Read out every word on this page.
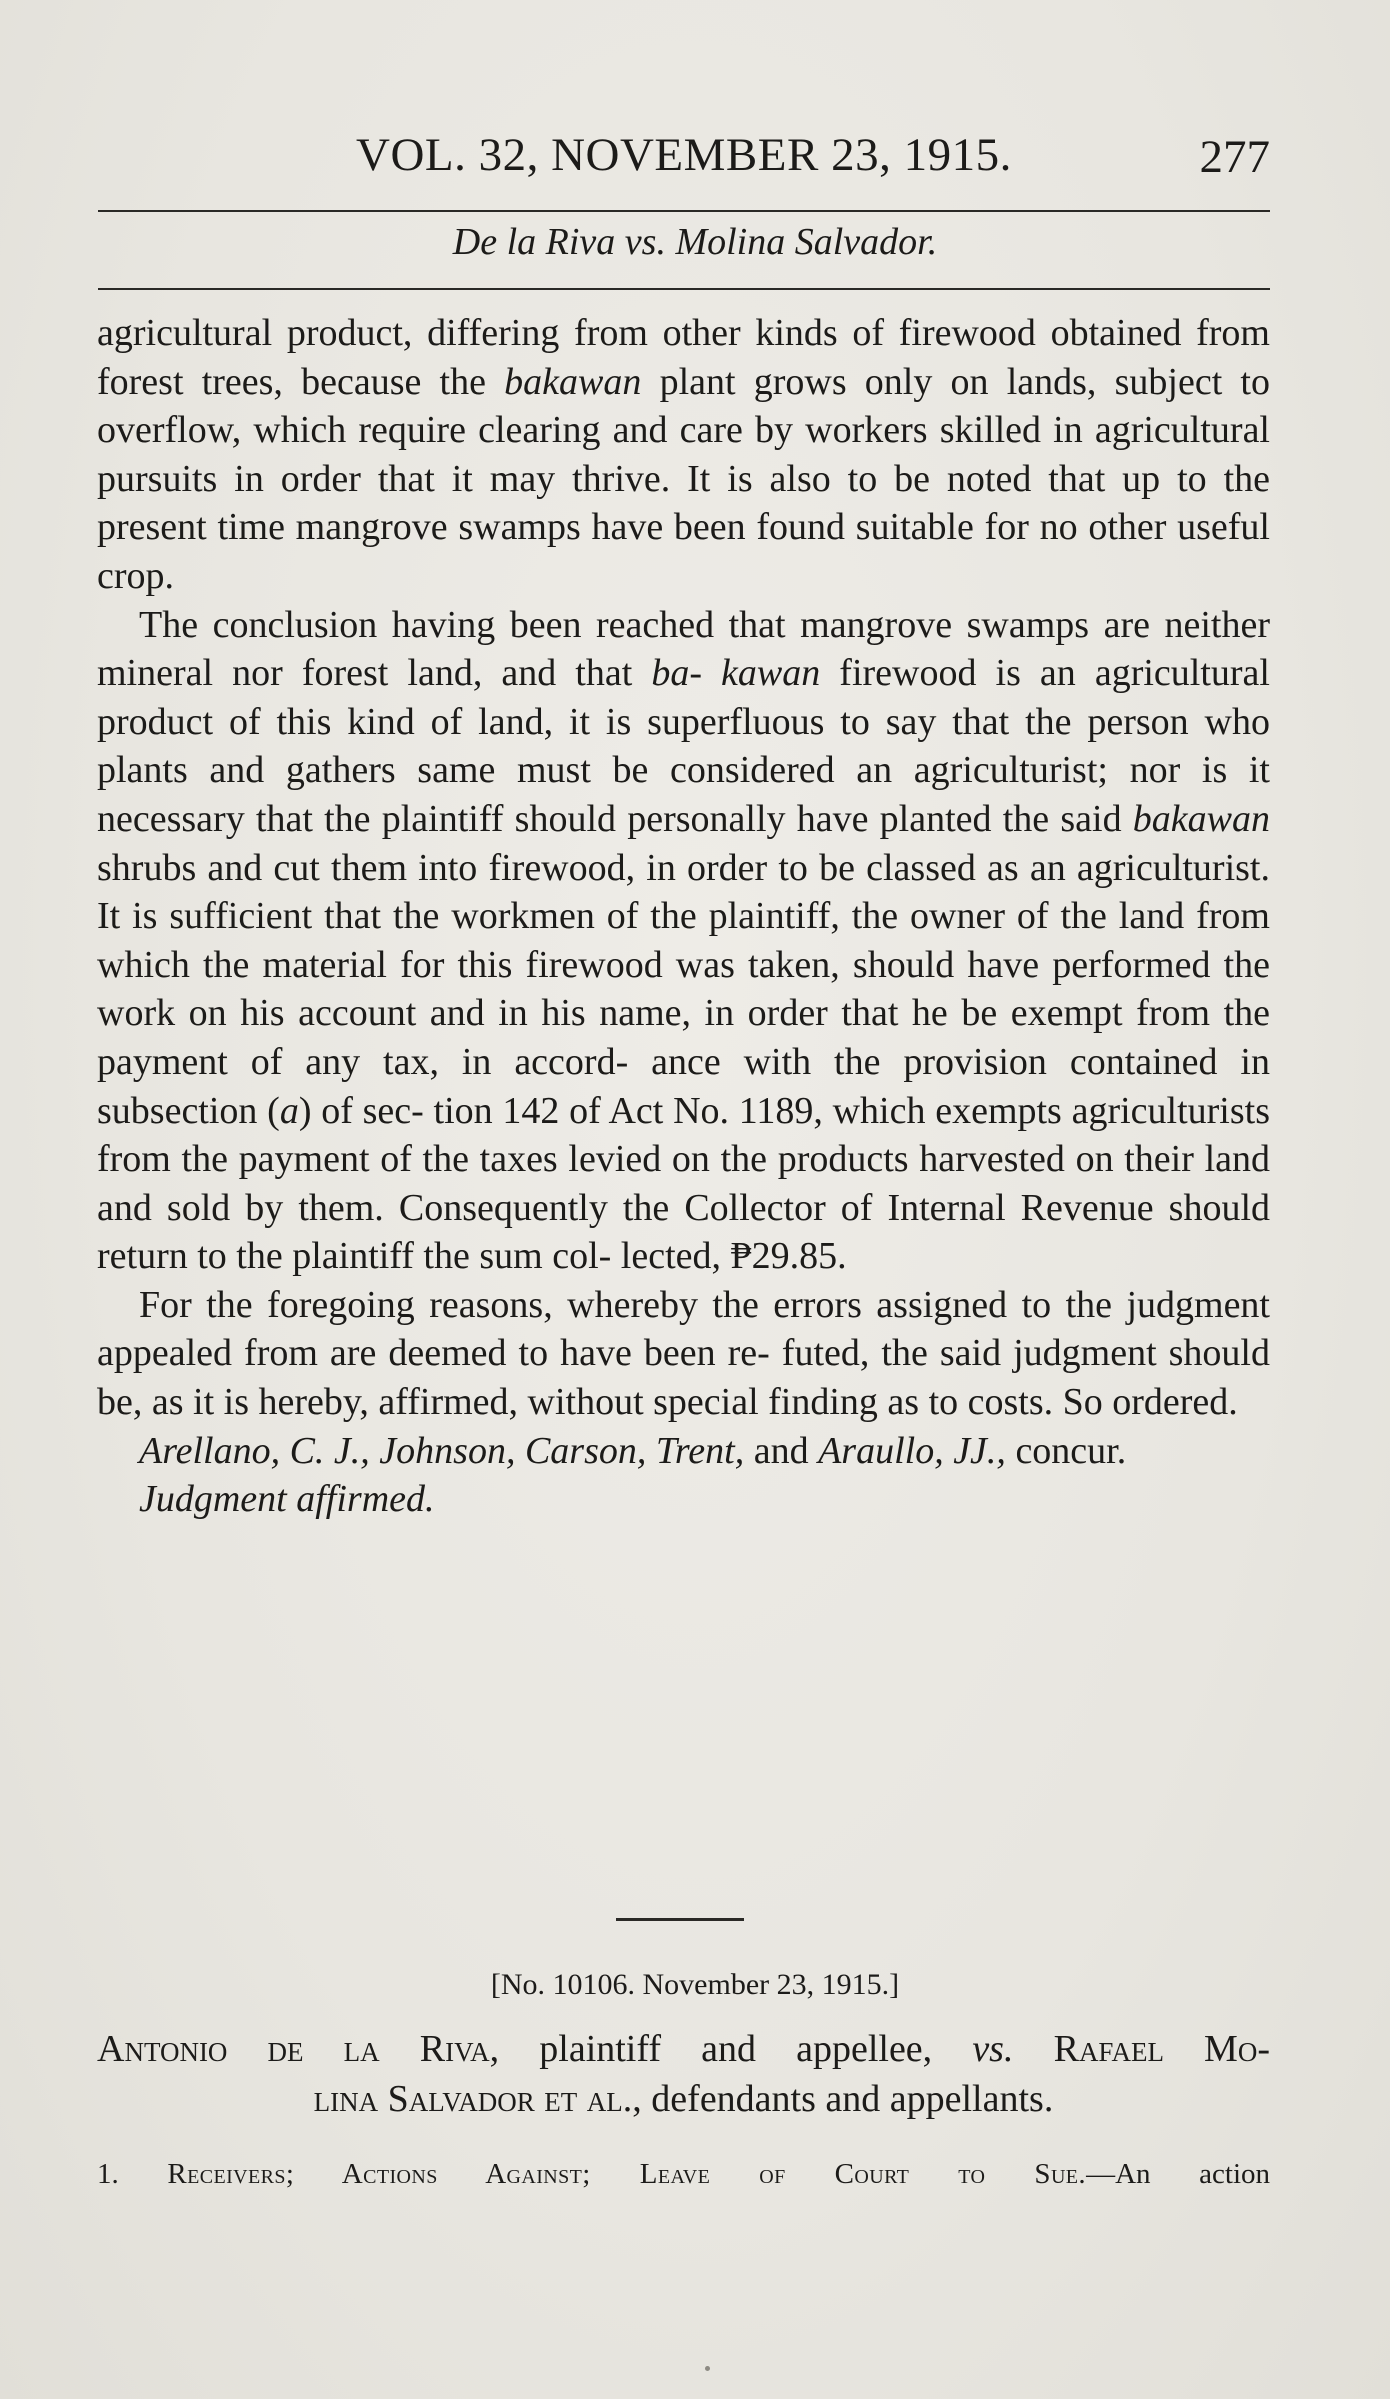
VOL. 32, NOVEMBER 23, 1915.	277
De la Riva vs. Molina Salvador.

agricultural product, differing from other kinds of firewood obtained from forest trees, because the bakawan plant grows only on lands, subject to overflow, which require clearing and care by workers skilled in agricultural pursuits in order that it may thrive. It is also to be noted that up to the present time mangrove swamps have been found suitable for no other useful crop.

The conclusion having been reached that mangrove swamps are neither mineral nor forest land, and that ba- kawan firewood is an agricultural product of this kind of land, it is superfluous to say that the person who plants and gathers same must be considered an agriculturist; nor is it necessary that the plaintiff should personally have planted the said bakawan shrubs and cut them into firewood, in order to be classed as an agriculturist. It is sufficient that the workmen of the plaintiff, the owner of the land from which the material for this firewood was taken, should have performed the work on his account and in his name, in order that he be exempt from the payment of any tax, in accord- ance with the provision contained in subsection (a) of sec- tion 142 of Act No. 1189, which exempts agriculturists from the payment of the taxes levied on the products harvested on their land and sold by them. Consequently the Collector of Internal Revenue should return to the plaintiff the sum col- lected, ₱29.85.

For the foregoing reasons, whereby the errors assigned to the judgment appealed from are deemed to have been re- futed, the said judgment should be, as it is hereby, affirmed, without special finding as to costs. So ordered.

Arellano, C. J., Johnson, Carson, Trent, and Araullo, JJ., concur.

Judgment affirmed.

[No. 10106. November 23, 1915.]
Antonio de la Riva, plaintiff and appellee, vs. Rafael Mo-
lina Salvador et al., defendants and appellants.
1. Receivers; Actions Against; Leave of Court to Sue.—An action
